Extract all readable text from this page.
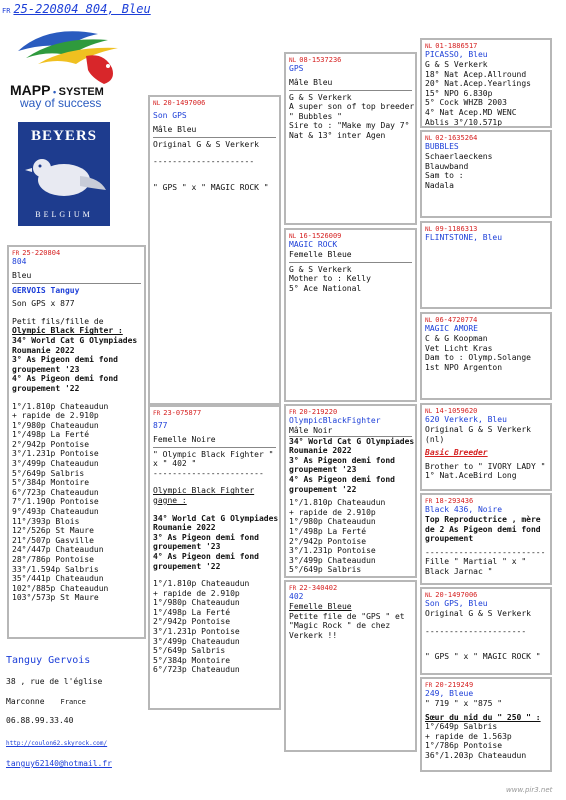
FR 25-220804 804, Bleu
MAPP • SYSTEM
way of success
BEYERS
BELGIUM
FR 25-220804
804
Bleu
GERVOIS Tanguy
Son GPS x 877
Petit fils/fille de
Olympic Black Fighter :
34° World Cat G Olympiades
Roumanie 2022
3° As Pigeon demi fond
groupement '23
4° As Pigeon demi fond
groupement '22
1°/1.810p Chateaudun
+ rapide de 2.910p
1°/980p Chateaudun
1°/498p La Ferté
2°/942p Pontoise
3°/1.231p Pontoise
3°/499p Chateaudun
5°/649p Salbris
5°/384p Montoire
6°/723p Chateaudun
7°/1.190p Pontoise
9°/493p Chateaudun
11°/393p Blois
12°/526p St Maure
21°/507p Gasville
24°/447p Chateaudun
28°/786p Pontoise
33°/1.594p Salbris
35°/441p Chateaudun
102°/885p Chateaudun
103°/573p St Maure
Tanguy Gervois
38 , rue de l'église
Marconne France
06.88.99.33.40
http://coulon62.skyrock.com/
tanguy62140@hotmail.fr
NL 20-1497006
Son GPS
Mâle Bleu
Original G & S Verkerk
---------------------
" GPS " x " MAGIC ROCK "
FR 23-075877
877
Femelle Noire
" Olympic Black Fighter "
x " 402 "
-----------------------
Olympic Black Fighter
gagne :
34° World Cat G Olympiades
Roumanie 2022
3° As Pigeon demi fond
groupement '23
4° As Pigeon demi fond
groupement '22
1°/1.810p Chateaudun
+ rapide de 2.910p
1°/980p Chateaudun
1°/498p La Ferté
2°/942p Pontoise
3°/1.231p Pontoise
3°/499p Chateaudun
5°/649p Salbris
5°/384p Montoire
6°/723p Chateaudun
NL 08-1537236
GPS
Mâle Bleu
G & S Verkerk
A super son of top breeder
" Bubbles "
Sire to : "Make my Day 7°
Nat & 13° inter Agen
NL 16-1526009
MAGIC ROCK
Femelle Bleue
G & S Verkerk
Mother to : Kelly
5° Ace National
FR 20-219220
OlympicBlackFighter
Mâle Noir
34° World Cat G Olympiades
Roumanie 2022
3° As Pigeon demi fond
groupement '23
4° As Pigeon demi fond
groupement '22
1°/1.810p Chateaudun
+ rapide de 2.910p
1°/980p Chateaudun
1°/498p La Ferté
2°/942p Pontoise
3°/1.231p Pontoise
3°/499p Chateaudun
5°/649p Salbris
FR 22-340402
402
Femelle Bleue
Petite file de "GPS " et
"Magic Rock " de chez
Verkerk !!
NL 01-1886517
PICASSO, Bleu
G & S Verkerk
18° Nat Acep.Allround
20° Nat.Acep.Yearlings
15° NPO 6.830p
5° Cock WHZB 2003
4° Nat Acep.MD WENC
Ablis 3°/10.571p
NL 02-1635264
BUBBLES
Schaerlaeckens
Blauwband
Sam to :
Nadala
NL 09-1186313
FLINTSTONE, Bleu
NL 06-4720774
MAGIC AMORE
C & G Koopman
Vet Licht Kras
Dam to : Olymp.Solange
1st NPO Argenton
NL 14-1059620
620 Verkerk, Bleu
Original G & S Verkerk
(nl)
Basic Breeder
Brother to " IVORY LADY "
1° Nat.AceBird Long
FR 18-293436
Black 436, Noire
Top Reproductrice , mère
de 2 As Pigeon demi fond
groupement
-------------------------
Fille " Martial " x "
Black Jarnac "
NL 20-1497006
Son GPS, Bleu
Original G & S Verkerk
---------------------
" GPS " x " MAGIC ROCK "
FR 20-219249
249, Bleue
" 719 " x "875 "
Sœur du nid du " 250 " :
1°/649p Salbris
+ rapide de 1.563p
1°/786p Pontoise
36°/1.203p Chateaudun
www.pir3.net
